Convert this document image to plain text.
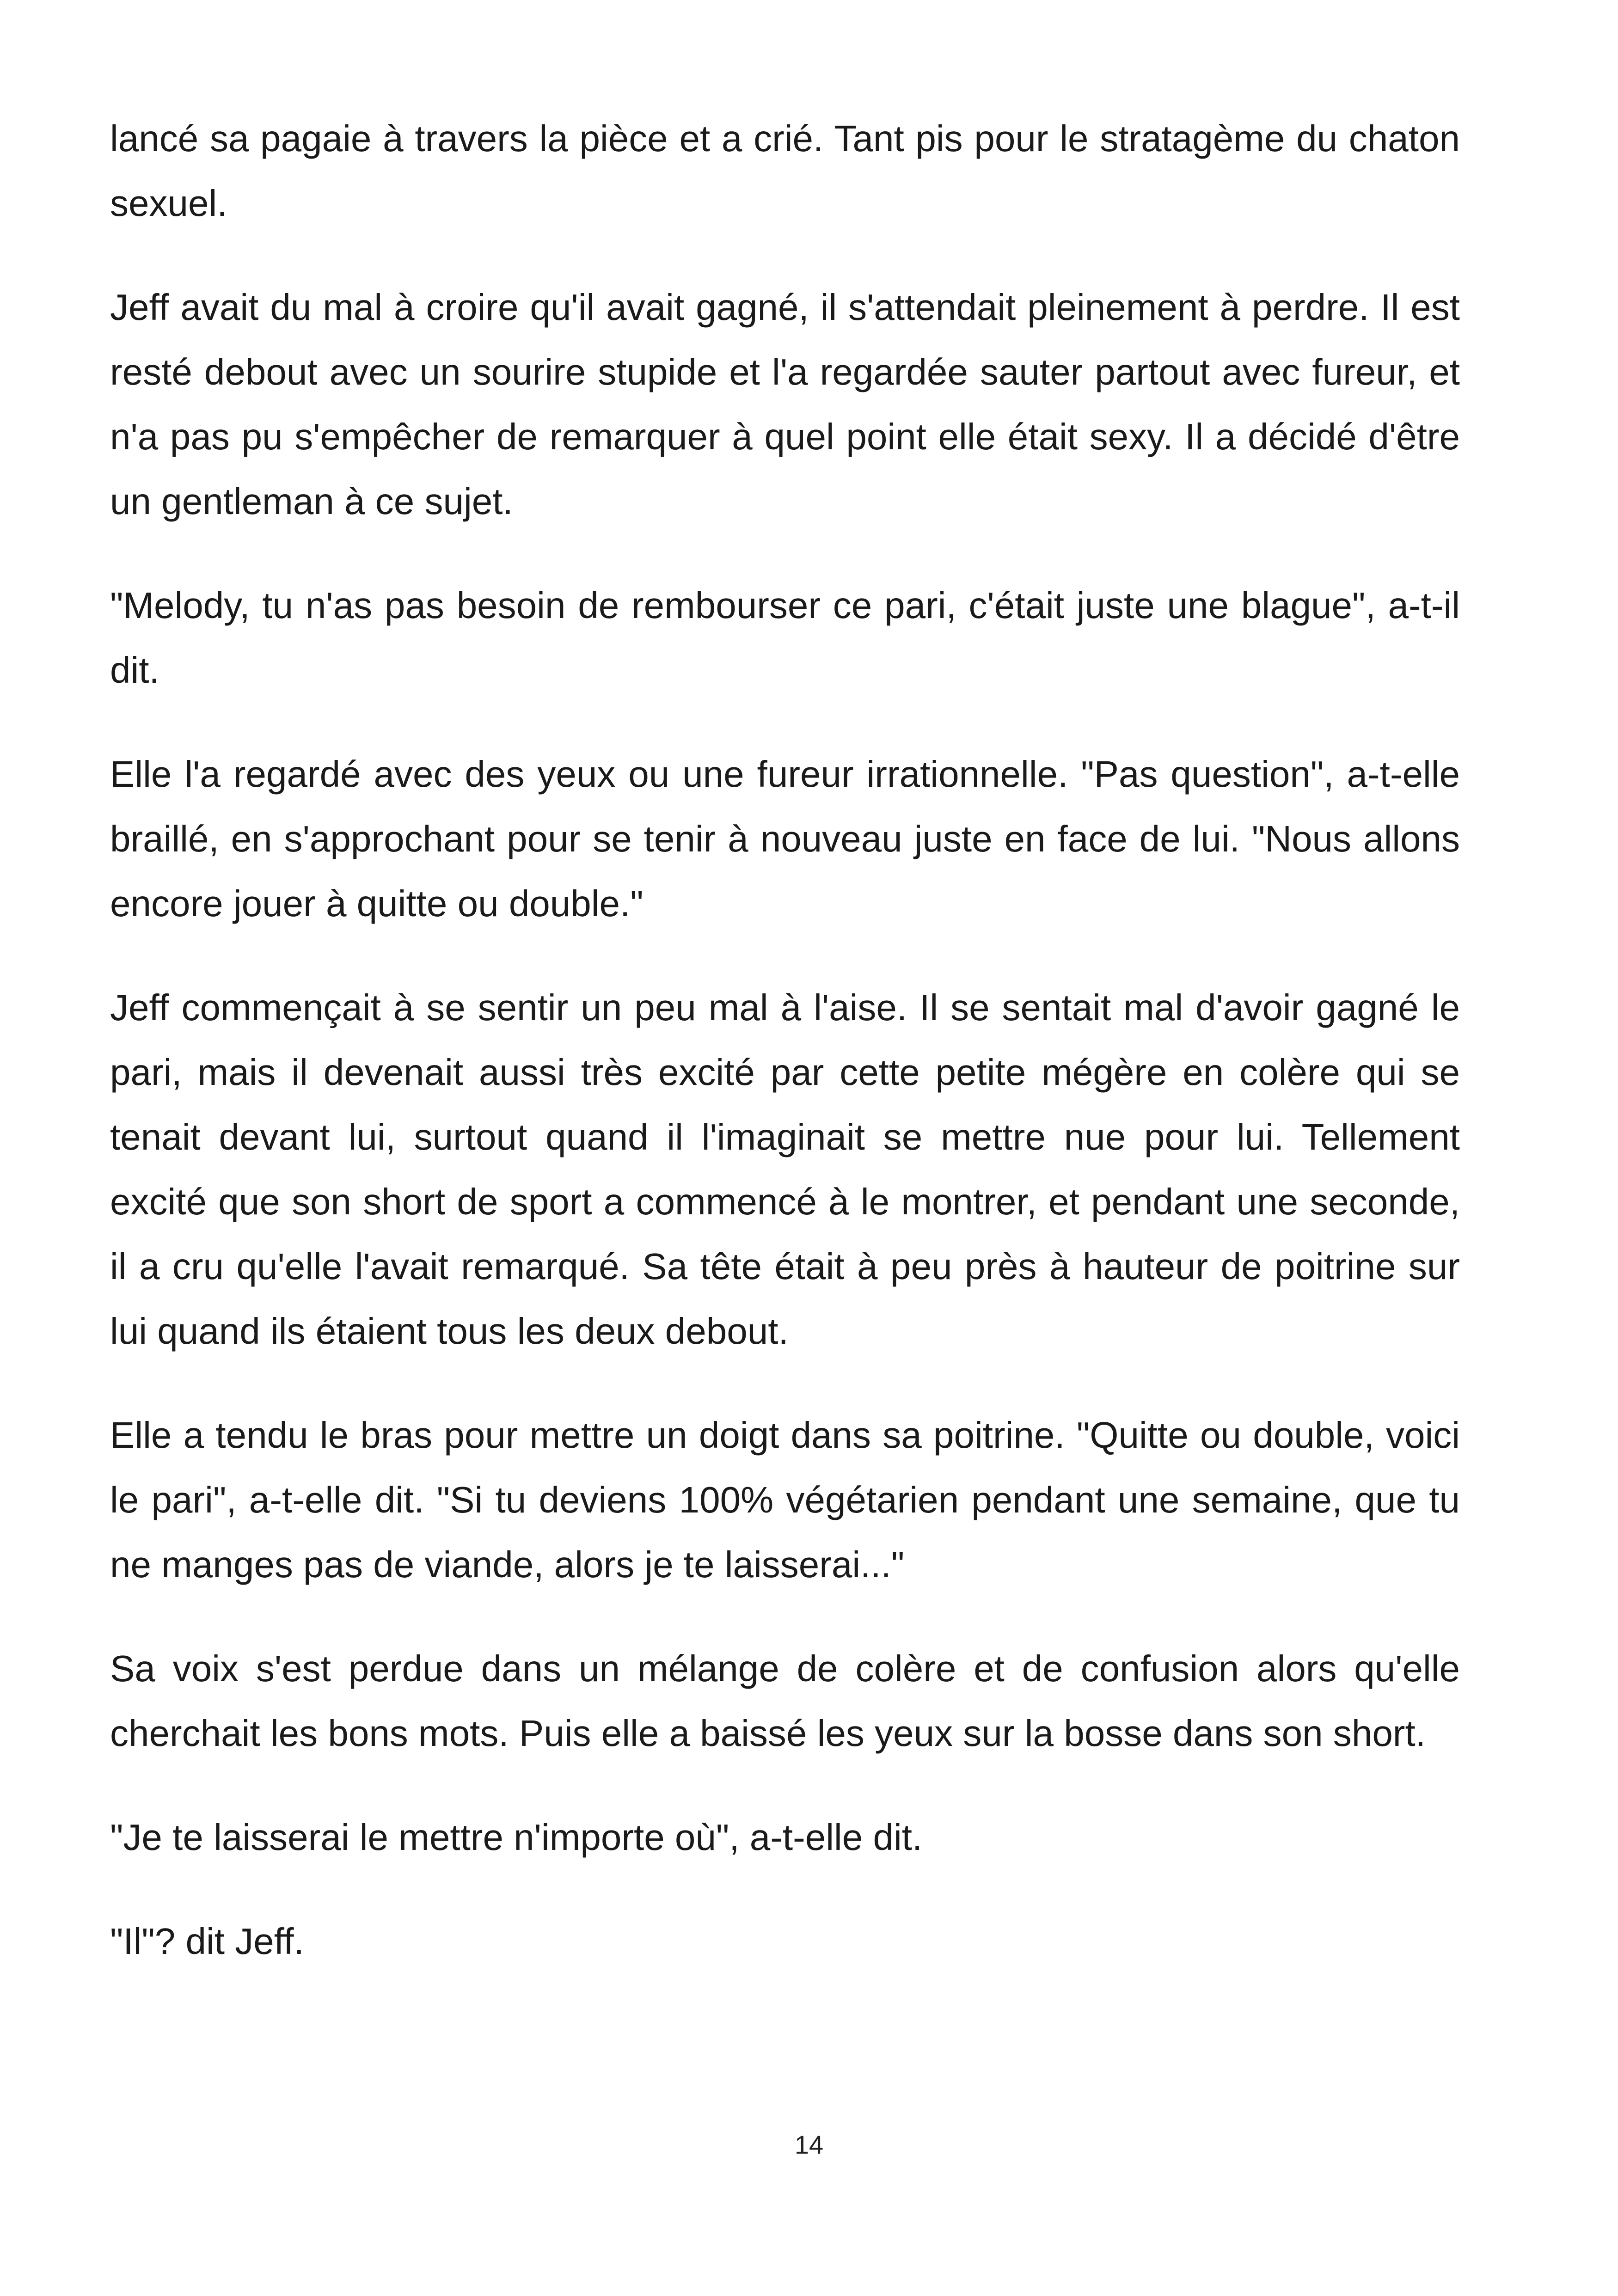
lancé sa pagaie à travers la pièce et a crié. Tant pis pour le stratagème du chaton sexuel.

Jeff avait du mal à croire qu'il avait gagné, il s'attendait pleinement à perdre. Il est resté debout avec un sourire stupide et l'a regardée sauter partout avec fureur, et n'a pas pu s'empêcher de remarquer à quel point elle était sexy. Il a décidé d'être un gentleman à ce sujet.

"Melody, tu n'as pas besoin de rembourser ce pari, c'était juste une blague", a-t-il dit.

Elle l'a regardé avec des yeux ou une fureur irrationnelle. "Pas question", a-t-elle braillé, en s'approchant pour se tenir à nouveau juste en face de lui. "Nous allons encore jouer à quitte ou double."

Jeff commençait à se sentir un peu mal à l'aise. Il se sentait mal d'avoir gagné le pari, mais il devenait aussi très excité par cette petite mégère en colère qui se tenait devant lui, surtout quand il l'imaginait se mettre nue pour lui. Tellement excité que son short de sport a commencé à le montrer, et pendant une seconde, il a cru qu'elle l'avait remarqué. Sa tête était à peu près à hauteur de poitrine sur lui quand ils étaient tous les deux debout.

Elle a tendu le bras pour mettre un doigt dans sa poitrine. "Quitte ou double, voici le pari", a-t-elle dit. "Si tu deviens 100% végétarien pendant une semaine, que tu ne manges pas de viande, alors je te laisserai..."

Sa voix s'est perdue dans un mélange de colère et de confusion alors qu'elle cherchait les bons mots. Puis elle a baissé les yeux sur la bosse dans son short.

"Je te laisserai le mettre n'importe où", a-t-elle dit.

"Il"? dit Jeff.

14
